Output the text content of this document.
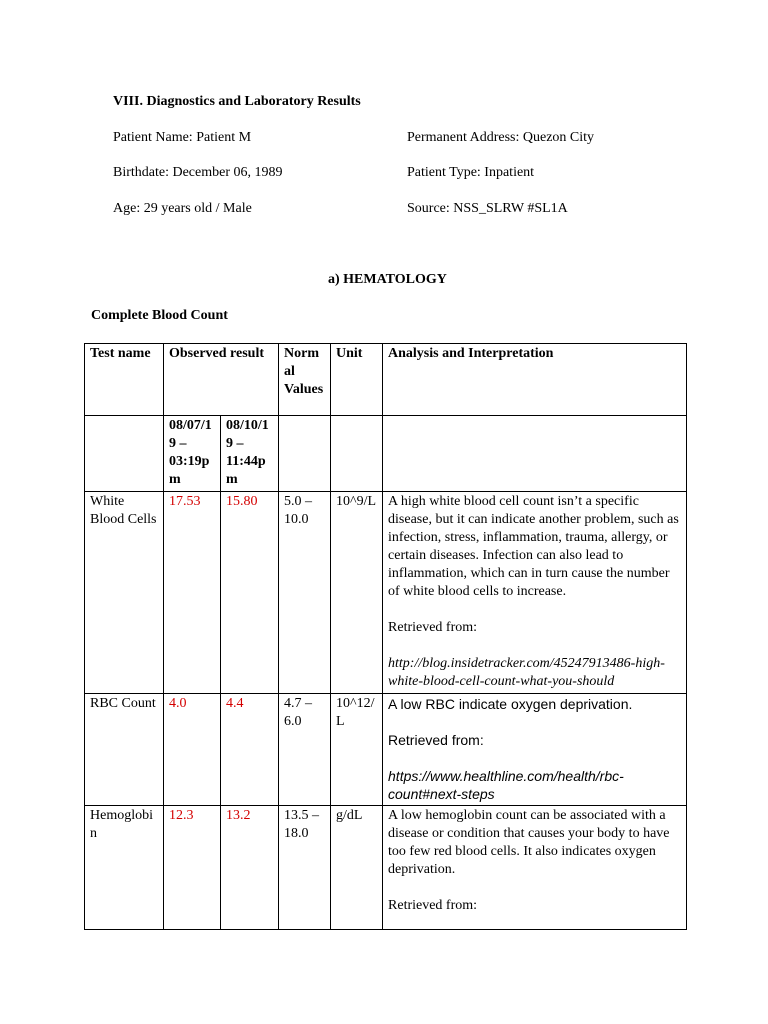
VIII. Diagnostics and Laboratory Results
Patient Name: Patient M	Permanent Address: Quezon City
Birthdate: December 06, 1989	Patient Type: Inpatient
Age: 29 years old / Male	Source: NSS_SLRW #SL1A
a) HEMATOLOGY
Complete Blood Count
Test name	Observed result		Normal Values	Unit	Analysis and Interpretation
	08/07/19 – 03:19pm	08/10/19 – 11:44pm			
White Blood Cells	17.53	15.80	5.0 – 10.0	10^9/L	A high white blood cell count isn’t a specific disease, but it can indicate another problem, such as infection, stress, inflammation, trauma, allergy, or certain diseases. Infection can also lead to inflammation, which can in turn cause the number of white blood cells to increase.
Retrieved from:
http://blog.insidetracker.com/45247913486-high-white-blood-cell-count-what-you-should

RBC Count	4.0	4.4	4.7 – 6.0	10^12/L	A low RBC indicate oxygen deprivation.
Retrieved from:
https://www.healthline.com/health/rbc-count#next-steps

Hemoglobin	12.3	13.2	13.5 – 18.0	g/dL	A low hemoglobin count can be associated with a disease or condition that causes your body to have too few red blood cells. It also indicates oxygen deprivation.
Retrieved from:
